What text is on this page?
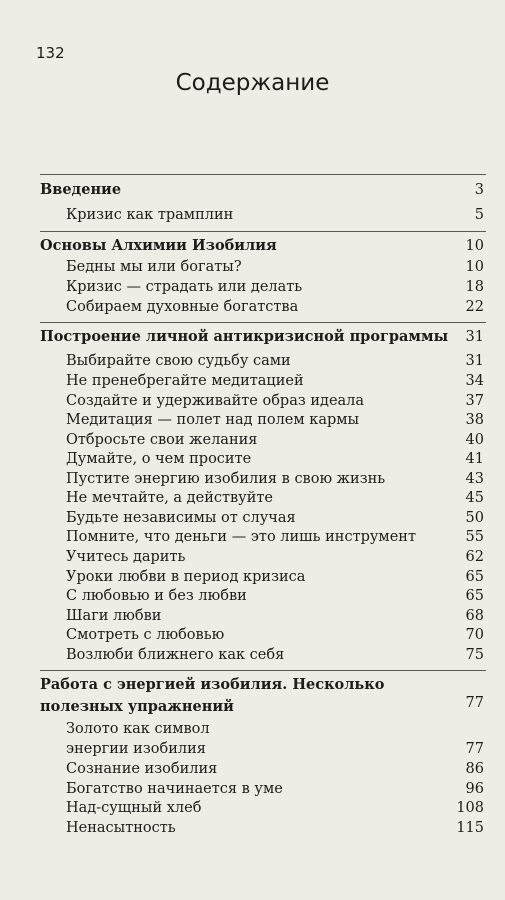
132
Содержание
Введение	3
Кризис как трамплин	5
Основы Алхимии Изобилия	10
Бедны мы или богаты?	10
Кризис — страдать или делать	18
Собираем духовные богатства	22
Построение личной антикризисной программы 31
Выбирайте свою судьбу сами	31
Не пренебрегайте медитацией	34
Создайте и удерживайте образ идеала	37
Медитация — полет над полем кармы	38
Отбросьте свои желания	40
Думайте, о чем просите	41
Пустите энергию изобилия в свою жизнь	43
Не мечтайте, а действуйте	45
Будьте независимы от случая	50
Помните, что деньги — это лишь инструмент	55
Учитесь дарить	62
Уроки любви в период кризиса	65
С любовью и без любви	65
Шаги любви	68
Смотреть с любовью	70
Возлюби ближнего как себя	75
Работа с энергией изобилия. Несколько полезных упражнений	77
Золото как символ энергии изобилия	77
Сознание изобилия	86
Богатство начинается в уме	96
Над-сущный хлеб	108
Ненасытность	115
